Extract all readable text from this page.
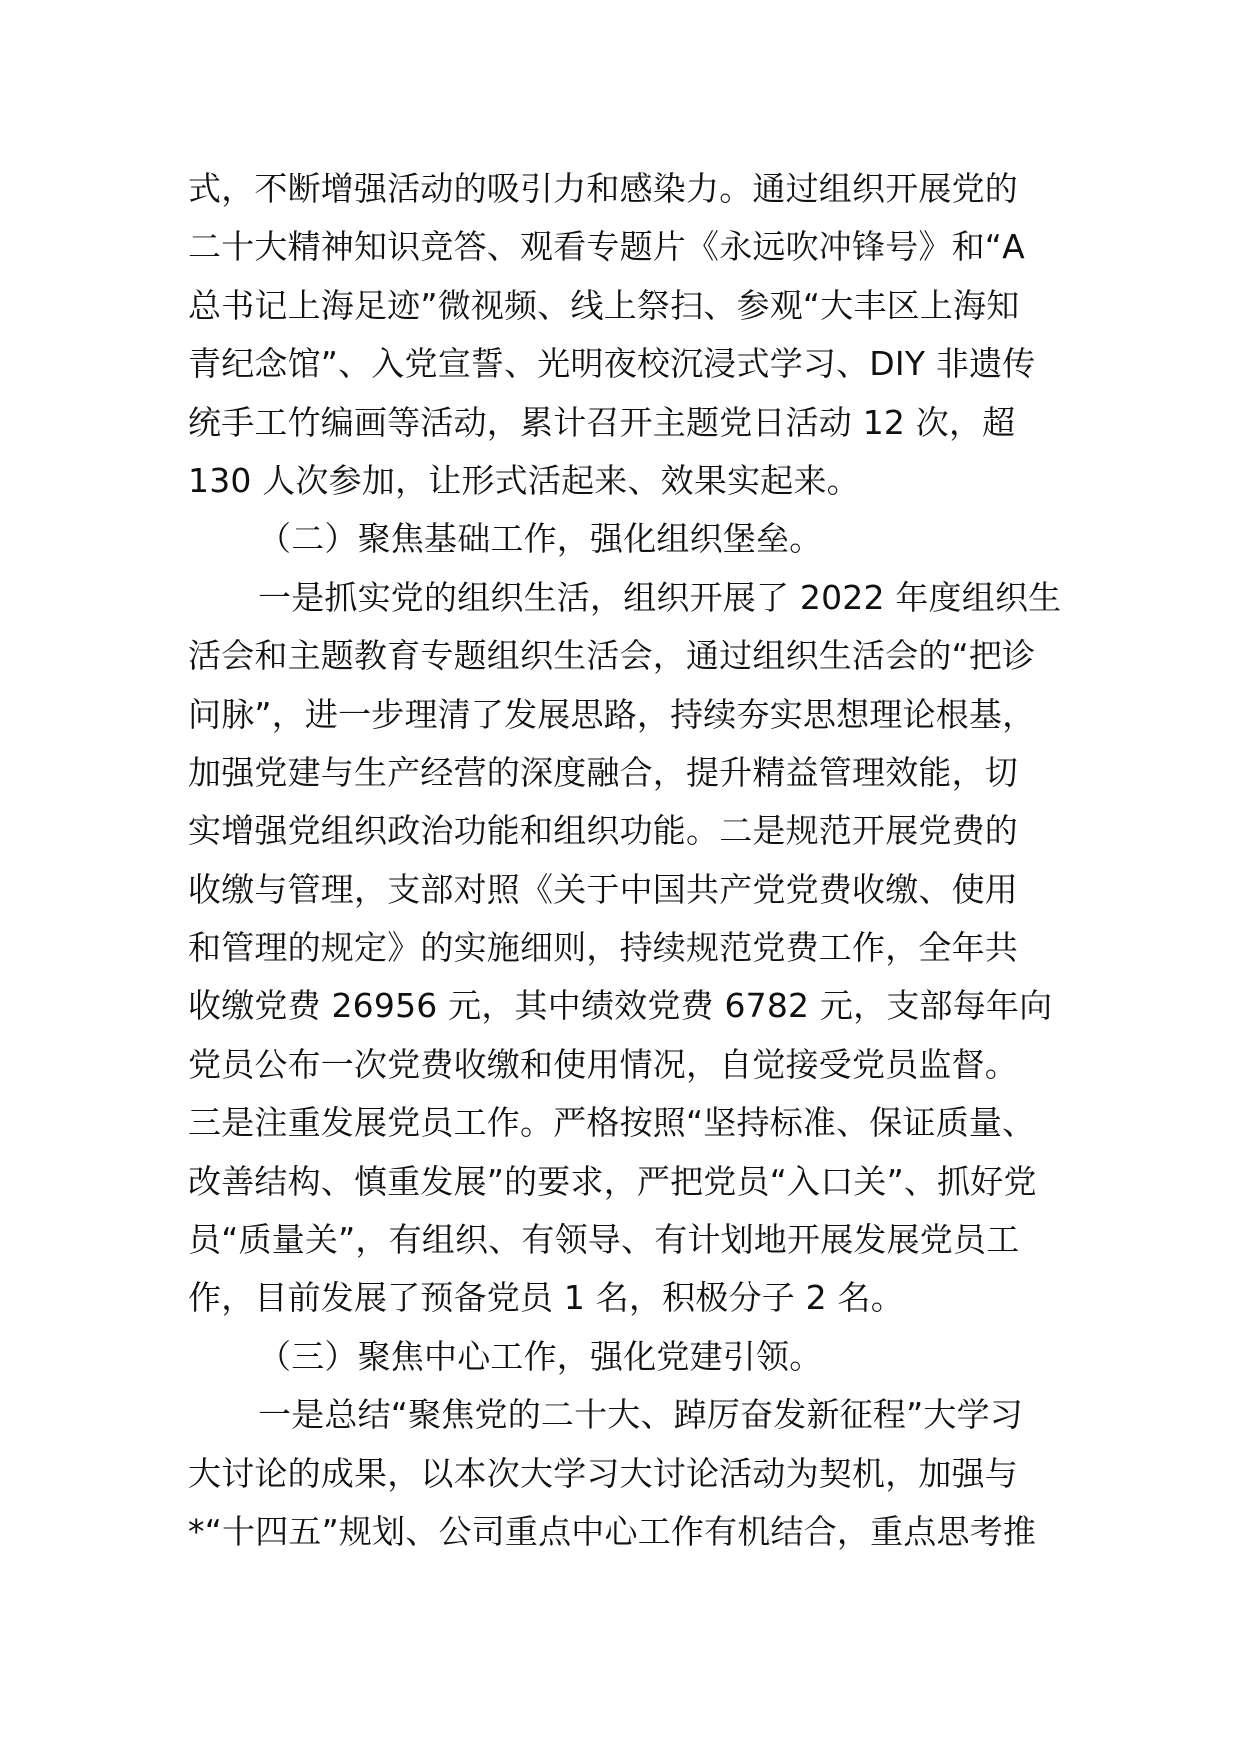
式，不断增强活动的吸引力和感染力。通过组织开展党的
二十大精神知识竞答、观看专题片《永远吹冲锋号》和“A
总书记上海足迹”微视频、线上祭扫、参观“大丰区上海知
青纪念馆”、入党宣誓、光明夜校沉浸式学习、DIY 非遗传
统手工竹编画等活动，累计召开主题党日活动 12 次，超
130 人次参加，让形式活起来、效果实起来。
（二）聚焦基础工作，强化组织堡垒。
一是抓实党的组织生活，组织开展了 2022 年度组织生
活会和主题教育专题组织生活会，通过组织生活会的“把诊
问脉”，进一步理清了发展思路，持续夯实思想理论根基，
加强党建与生产经营的深度融合，提升精益管理效能，切
实增强党组织政治功能和组织功能。二是规范开展党费的
收缴与管理，支部对照《关于中国共产党党费收缴、使用
和管理的规定》的实施细则，持续规范党费工作，全年共
收缴党费 26956 元，其中绩效党费 6782 元，支部每年向
党员公布一次党费收缴和使用情况，自觉接受党员监督。
三是注重发展党员工作。严格按照“坚持标准、保证质量、
改善结构、慎重发展”的要求，严把党员“入口关”、抓好党
员“质量关”，有组织、有领导、有计划地开展发展党员工
作，目前发展了预备党员 1 名，积极分子 2 名。
（三）聚焦中心工作，强化党建引领。
一是总结“聚焦党的二十大、踔厉奋发新征程”大学习
大讨论的成果，以本次大学习大讨论活动为契机，加强与
*“十四五”规划、公司重点中心工作有机结合，重点思考推
